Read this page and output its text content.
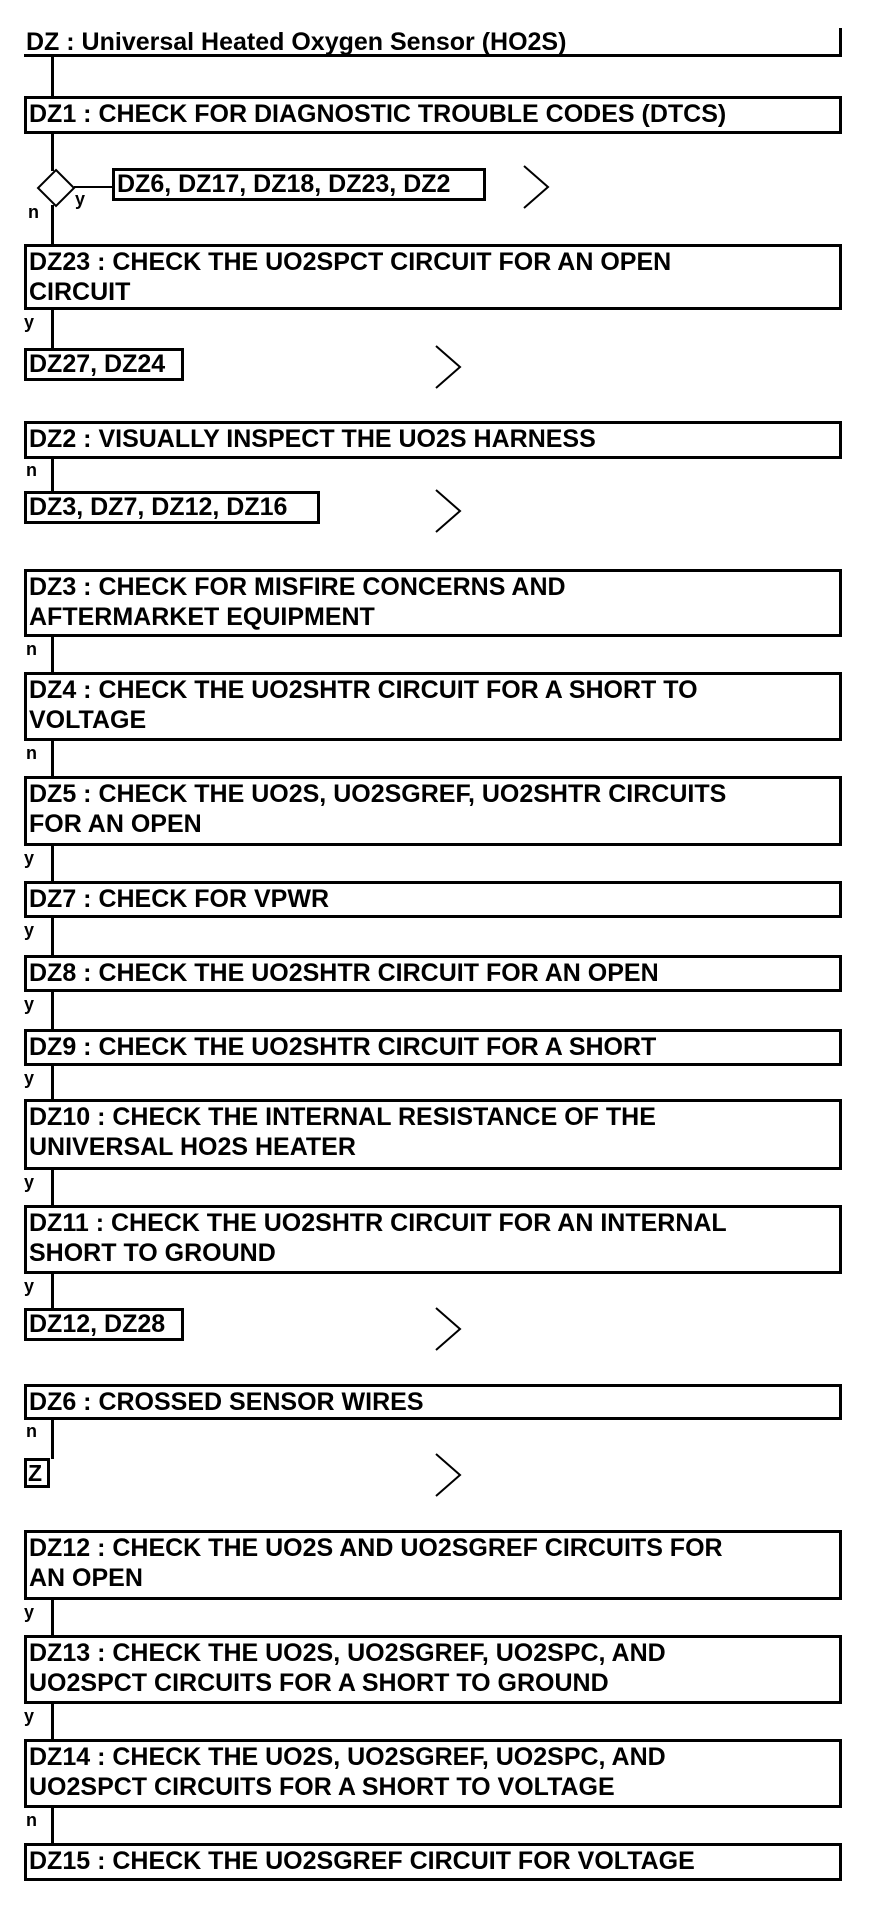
DZ : Universal Heated Oxygen Sensor (HO2S)
DZ1 : CHECK FOR DIAGNOSTIC TROUBLE CODES (DTCS)
y
n
DZ6, DZ17, DZ18, DZ23, DZ2
DZ23 : CHECK THE UO2SPCT CIRCUIT FOR AN OPEN
CIRCUIT
y
DZ27, DZ24
DZ2 : VISUALLY INSPECT THE UO2S HARNESS
n
DZ3, DZ7, DZ12, DZ16
DZ3 : CHECK FOR MISFIRE CONCERNS AND
AFTERMARKET EQUIPMENT
n
DZ4 : CHECK THE UO2SHTR CIRCUIT FOR A SHORT TO
VOLTAGE
n
DZ5 : CHECK THE UO2S, UO2SGREF, UO2SHTR CIRCUITS
FOR AN OPEN
y
DZ7 : CHECK FOR VPWR
y
DZ8 : CHECK THE UO2SHTR CIRCUIT FOR AN OPEN
y
DZ9 : CHECK THE UO2SHTR CIRCUIT FOR A SHORT
y
DZ10 : CHECK THE INTERNAL RESISTANCE OF THE
UNIVERSAL HO2S HEATER
y
DZ11 : CHECK THE UO2SHTR CIRCUIT FOR AN INTERNAL
SHORT TO GROUND
y
DZ12, DZ28
DZ6 : CROSSED SENSOR WIRES
n
Z
DZ12 : CHECK THE UO2S AND UO2SGREF CIRCUITS FOR
AN OPEN
y
DZ13 : CHECK THE UO2S, UO2SGREF, UO2SPC, AND
UO2SPCT CIRCUITS FOR A SHORT TO GROUND
y
DZ14 : CHECK THE UO2S, UO2SGREF, UO2SPC, AND
UO2SPCT CIRCUITS FOR A SHORT TO VOLTAGE
n
DZ15 : CHECK THE UO2SGREF CIRCUIT FOR VOLTAGE
